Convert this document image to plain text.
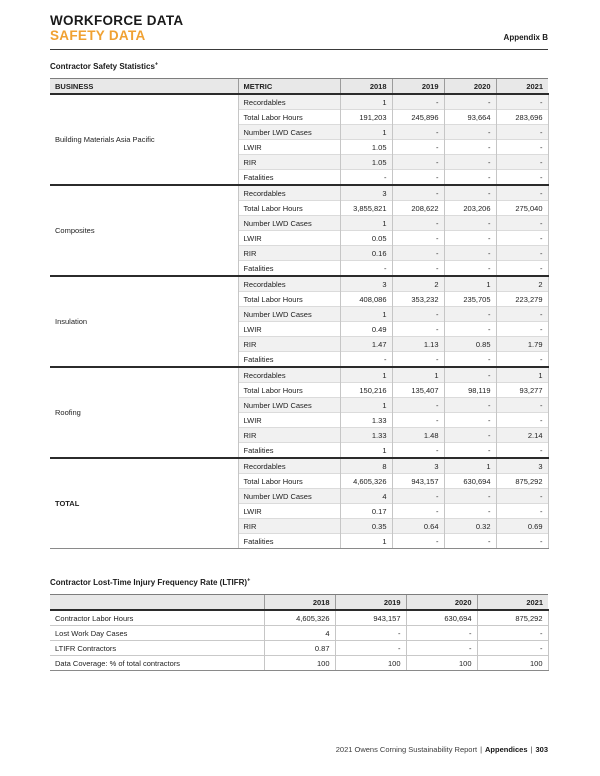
WORKFORCE DATA
SAFETY DATA	Appendix B
Contractor Safety Statistics+
BUSINESS	METRIC	2018	2019	2020	2021
Building Materials Asia Pacific	Recordables	1	-	-	-
	Total Labor Hours	191,203	245,896	93,664	283,696
	Number LWD Cases	1	-	-	-
	LWIR	1.05	-	-	-
	RIR	1.05	-	-	-
	Fatalities	-	-	-	-
Composites	Recordables	3	-	-	-
	Total Labor Hours	3,855,821	208,622	203,206	275,040
	Number LWD Cases	1	-	-	-
	LWIR	0.05	-	-	-
	RIR	0.16	-	-	-
	Fatalities	-	-	-	-
Insulation	Recordables	3	2	1	2
	Total Labor Hours	408,086	353,232	235,705	223,279
	Number LWD Cases	1	-	-	-
	LWIR	0.49	-	-	-
	RIR	1.47	1.13	0.85	1.79
	Fatalities	-	-	-	-
Roofing	Recordables	1	1	-	1
	Total Labor Hours	150,216	135,407	98,119	93,277
	Number LWD Cases	1	-	-	-
	LWIR	1.33	-	-	-
	RIR	1.33	1.48	-	2.14
	Fatalities	1	-	-	-
TOTAL	Recordables	8	3	1	3
	Total Labor Hours	4,605,326	943,157	630,694	875,292
	Number LWD Cases	4	-	-	-
	LWIR	0.17	-	-	-
	RIR	0.35	0.64	0.32	0.69
	Fatalities	1	-	-	-
Contractor Lost-Time Injury Frequency Rate (LTIFR)+
	2018	2019	2020	2021
Contractor Labor Hours	4,605,326	943,157	630,694	875,292
Lost Work Day Cases	4	-	-	-
LTIFR Contractors	0.87	-	-	-
Data Coverage: % of total contractors	100	100	100	100
2021 Owens Corning Sustainability Report | Appendices | 303
